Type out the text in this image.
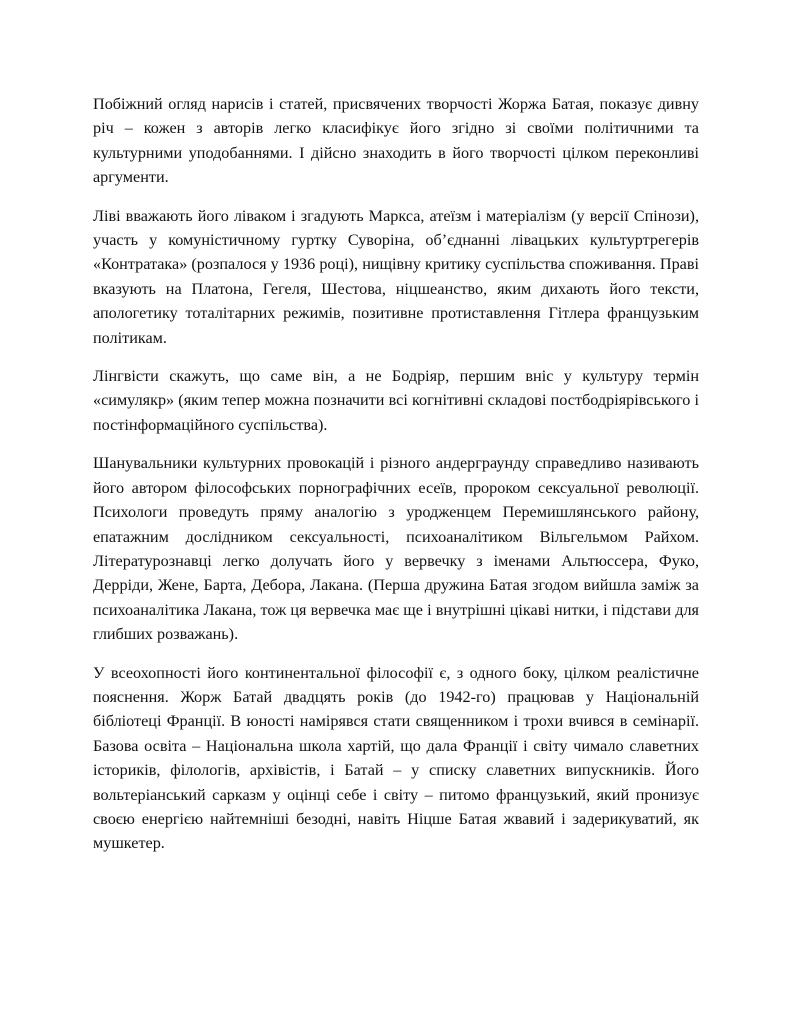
Побіжний огляд нарисів і статей, присвячених творчості Жоржа Батая, показує дивну річ – кожен з авторів легко класифікує його згідно зі своїми політичними та культурними уподобаннями. І дійсно знаходить в його творчості цілком переконливі аргументи.

Ліві вважають його ліваком і згадують Маркса, атеїзм і матеріалізм (у версії Спінози), участь у комуністичному гуртку Суворіна, об’єднанні лівацьких культуртрегерів «Контратака» (розпалося у 1936 році), нищівну критику суспільства споживання. Праві вказують на Платона, Гегеля, Шестова, ніцшеанство, яким дихають його тексти, апологетику тоталітарних режимів, позитивне протиставлення Гітлера французьким політикам.

Лінгвісти скажуть, що саме він, а не Бодріяр, першим вніс у культуру термін «симулякр» (яким тепер можна позначити всі когнітивні складові постбодріярівського і постінформаційного суспільства).

Шанувальники культурних провокацій і різного андерграунду справедливо називають його автором філософських порнографічних есеїв, пророком сексуальної революції. Психологи проведуть пряму аналогію з уродженцем Перемишлянського району, епатажним дослідником сексуальності, психоаналітиком Вільгельмом Райхом. Літературознавці легко долучать його у вервечку з іменами Альтюссера, Фуко, Дерріди, Жене, Барта, Дебора, Лакана. (Перша дружина Батая згодом вийшла заміж за психоаналітика Лакана, тож ця вервечка має ще і внутрішні цікаві нитки, і підстави для глибших розважань).

У всеохопності його континентальної філософії є, з одного боку, цілком реалістичне пояснення. Жорж Батай двадцять років (до 1942-го) працював у Національній бібліотеці Франції. В юності намірявся стати священником і трохи вчився в семінарії. Базова освіта – Національна школа хартій, що дала Франції і світу чимало славетних істориків, філологів, архівістів, і Батай – у списку славетних випускників. Його вольтеріанський сарказм у оцінці себе і світу – питомо французький, який пронизує своєю енергією найтемніші безодні, навіть Ніцше Батая жвавий і задерикуватий, як мушкетер.
